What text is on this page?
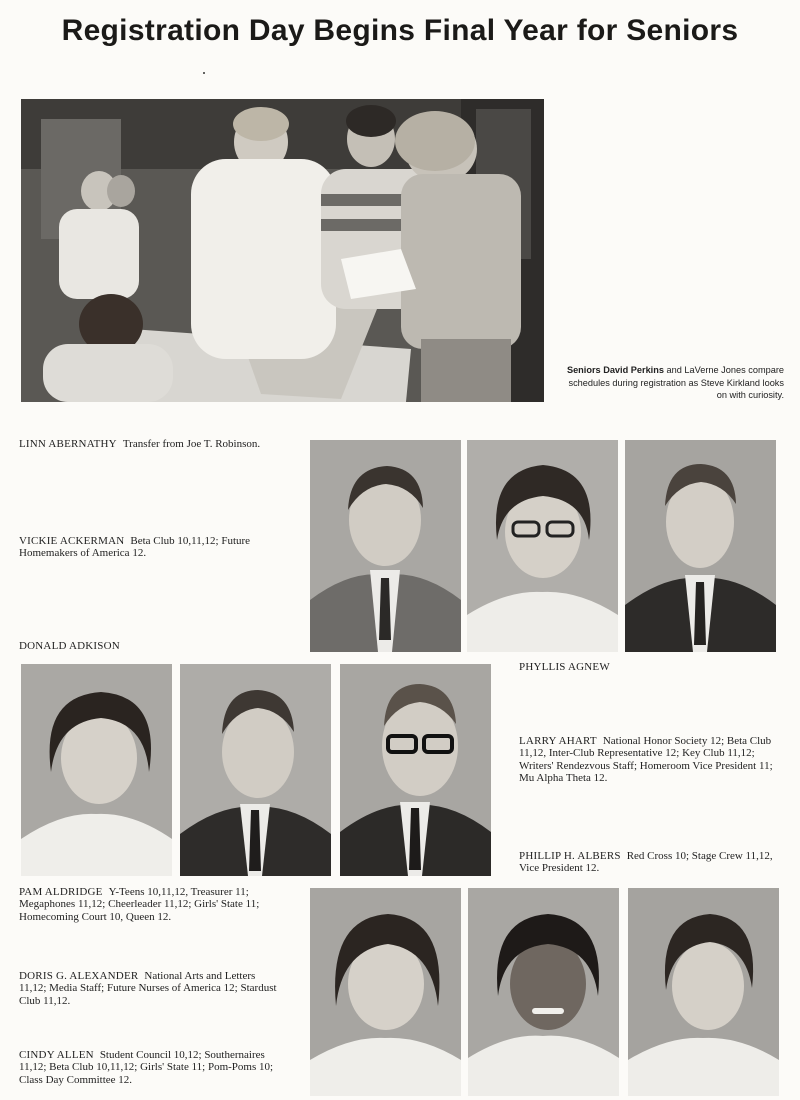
Registration Day Begins Final Year for Seniors
Seniors David Perkins and LaVerne Jones compare schedules during registration as Steve Kirkland looks on with curiosity.
LINN ABERNATHY Transfer from Joe T. Robinson.
VICKIE ACKERMAN Beta Club 10,11,12; Future Homemakers of America 12.
DONALD ADKISON
PHYLLIS AGNEW
LARRY AHART National Honor Society 12; Beta Club 11,12, Inter-Club Representative 12; Key Club 11,12; Writers' Rendezvous Staff; Homeroom Vice President 11; Mu Alpha Theta 12.
PHILLIP H. ALBERS Red Cross 10; Stage Crew 11,12, Vice President 12.
PAM ALDRIDGE Y-Teens 10,11,12, Treasurer 11; Megaphones 11,12; Cheerleader 11,12; Girls' State 11; Homecoming Court 10, Queen 12.
DORIS G. ALEXANDER National Arts and Letters 11,12; Media Staff; Future Nurses of America 12; Stardust Club 11,12.
CINDY ALLEN Student Council 10,12; Southernaires 11,12; Beta Club 10,11,12; Girls' State 11; Pom-Poms 10; Class Day Committee 12.
